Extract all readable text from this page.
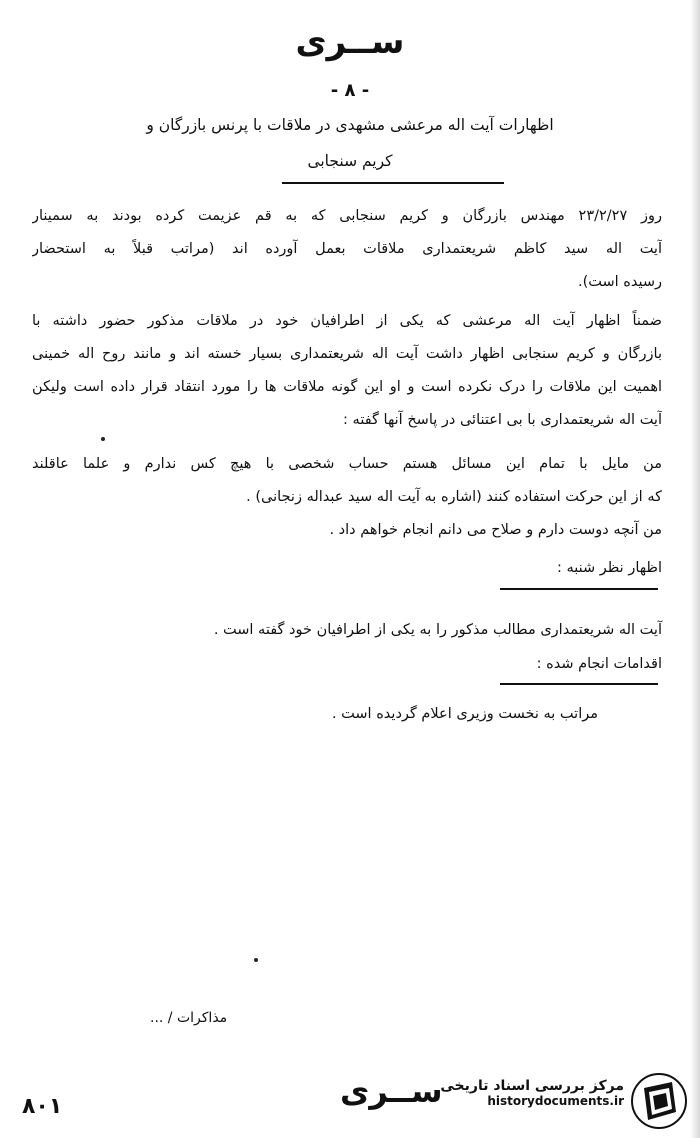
ســری
- ۸ -
اظهارات آیت اله مرعشی مشهدی در ملاقات با پرنس بازرگان و
کریم سنجابی
روز ۲۳/۲/۲۷ مهندس بازرگان و کریم سنجابی که به قم عزیمت کرده بودند به سمینار
آیت اله سید کاظم شریعتمداری ملاقات بعمل آورده اند (مراتب قبلاً به استحضار
رسیده است).
ضمناً اظهار آیت اله مرعشی که یکی از اطرافیان خود در ملاقات مذکور حضور داشته با
بازرگان و کریم سنجابی اظهار داشت آیت اله شریعتمداری بسیار خسته اند و مانند روح اله خمینی
اهمیت این ملاقات را درک نکرده است و او این گونه ملاقات ها را مورد انتقاد قرار داده است ولیکن
آیت اله شریعتمداری با بی اعتنائی در پاسخ آنها گفته :
من مایل با تمام این مسائل هستم حساب شخصی با هیچ کس ندارم و علما عاقلند
که از این حرکت استفاده کنند (اشاره به آیت اله سید عبداله زنجانی) .
من آنچه دوست دارم و صلاح می دانم انجام خواهم داد .
اظهار نظر شنبه :
آیت اله شریعتمداری مطالب مذکور را به یکی از اطرافیان خود گفته است .
اقدامات انجام شده :
مراتب به نخست وزیری اعلام گردیده است .
مذاکرات / ...
۸۰۱	ســری
مرکز بررسی اسناد تاریخی
historydocuments.ir
